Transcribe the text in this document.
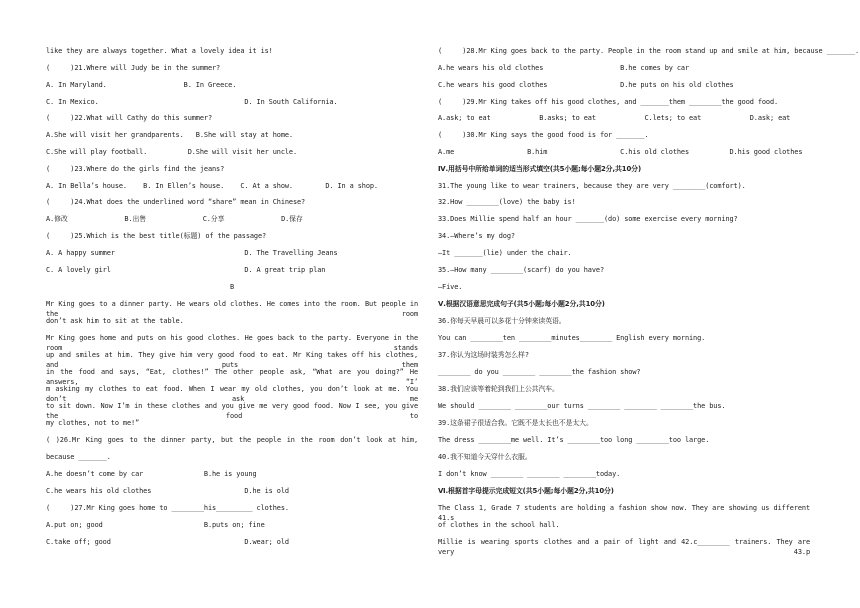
like they are always together. What a lovely idea it is!
(     )21.Where will Judy be in the summer?
A. In Maryland.                   B. In Greece.
C. In Mexico.                                    D. In South California.
(     )22.What will Cathy do this summer?
A.She will visit her grandparents.   B.She will stay at home.
C.She will play football.          D.She will visit her uncle.
(     )23.Where do the girls find the jeans?
A. In Bella’s house.    B. In Ellen’s house.    C. At a show.        D. In a shop.
(     )24.What does the underlined word “share” mean in Chinese?
A.修改              B.出售              C.分享              D.保存
(     )25.Which is the best title(标题) of the passage?
A. A happy summer                                D. The Travelling Jeans
C. A lovely girl                                 D. A great trip plan
B
Mr King goes to a dinner party. He wears old clothes. He comes into the room. But people in the room
don’t ask him to sit at the table.
Mr King goes home and puts on his good clothes. He goes back to the party. Everyone in the room stands
up and smiles at him. They give him very good food to eat. Mr King takes off his clothes, and puts them
in the food and says, “Eat, clothes!” The other people ask, “What are you doing?” He answers, “I’
m asking my clothes to eat food. When I wear my old clothes, you don’t look at me. You don’t ask me
to sit down. Now I’m in these clothes and you give me very good food. Now I see, you give the food to
my clothes, not to me!”
( )26.Mr King goes to the dinner party, but the people in the room don’t look at him,
because _______.
A.he doesn’t come by car               B.he is young
C.he wears his old clothes                       D.he is old
(     )27.Mr King goes home to ________his_________ clothes.
A.put on; good                         B.puts on; fine
C.take off; good                                 D.wear; old
(     )28.Mr King goes back to the party. People in the room stand up and smile at him, because _______.
A.he wears his old clothes                   B.he comes by car
C.he wears his good clothes                  D.he puts on his old clothes
(     )29.Mr King takes off his good clothes, and _______them ________the good food.
A.ask; to eat            B.asks; to eat            C.lets; to eat            D.ask; eat
(     )30.Mr King says the good food is for _______.
A.me                  B.him                  C.his old clothes          D.his good clothes
Ⅳ.用括号中所给单词的适当形式填空(共5小题;每小题2分,共10分)
31.The young like to wear trainers, because they are very ________(comfort).
32.How ________(love) the baby is!
33.Does Millie spend half an hour _______(do) some exercise every morning?
34.—Where’s my dog?
—It _______(lie) under the chair.
35.—How many ________(scarf) do you have?
—Five.
Ⅴ.根据汉语意思完成句子(共5小题;每小题2分,共10分)
36.你每天早晨可以多花十分钟来读英语。
You can ________ten ________minutes________ English every morning.
37.你认为这场时装秀怎么样?
________ do you ________ ________the fashion show?
38.我们应该等着轮到我们上公共汽车。
We should ________ ________our turns ________ ________ ________the bus.
39.这条裙子很适合我。它既不是太长也不是太大。
The dress ________me well. It’s ________too long ________too large.
40.我不知道今天穿什么衣服。
I don’t know ________ ________ ________today.
Ⅵ.根据首字母提示完成短文(共5小题;每小题2分,共10分)
The Class 1, Grade 7 students are holding a fashion show now. They are showing us different 41.s
of clothes in the school hall.
Millie is wearing sports clothes and a pair of light and 42.c________ trainers. They are very 43.p
